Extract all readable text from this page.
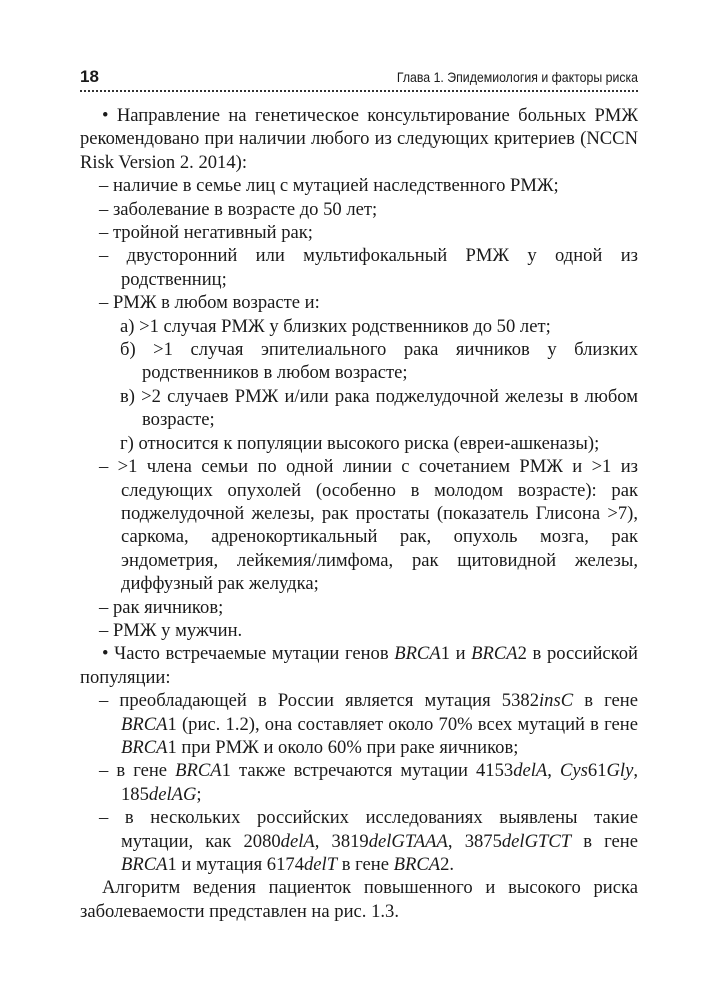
18	Глава 1. Эпидемиология и факторы риска

• Направление на генетическое консультирование больных РМЖ рекомендовано при наличии любого из следующих критериев (NCCN Risk Version 2. 2014):

– наличие в семье лиц с мутацией наследственного РМЖ;

– заболевание в возрасте до 50 лет;

– тройной негативный рак;

– двусторонний или мультифокальный РМЖ у одной из родственниц;

– РМЖ в любом возрасте и:

а) >1 случая РМЖ у близких родственников до 50 лет;

б) >1 случая эпителиального рака яичников у близких родственников в любом возрасте;

в) >2 случаев РМЖ и/или рака поджелудочной железы в любом возрасте;

г) относится к популяции высокого риска (евреи-ашкеназы);

– >1 члена семьи по одной линии с сочетанием РМЖ и >1 из следующих опухолей (особенно в молодом возрасте): рак поджелудочной железы, рак простаты (показатель Глисона >7), саркома, адренокортикальный рак, опухоль мозга, рак эндометрия, лейкемия/лимфома, рак щитовидной железы, диффузный рак желудка;

– рак яичников;

– РМЖ у мужчин.

• Часто встречаемые мутации генов BRCA1 и BRCA2 в российской популяции:

– преобладающей в России является мутация 5382insC в гене BRCA1 (рис. 1.2), она составляет около 70% всех мутаций в гене BRCA1 при РМЖ и около 60% при раке яичников;

– в гене BRCA1 также встречаются мутации 4153delA, Cys61Gly, 185delAG;

– в нескольких российских исследованиях выявлены такие мутации, как 2080delA, 3819delGTAAA, 3875delGTCT в гене BRCA1 и мутация 6174delT в гене BRCA2.

Алгоритм ведения пациенток повышенного и высокого риска заболеваемости представлен на рис. 1.3.
